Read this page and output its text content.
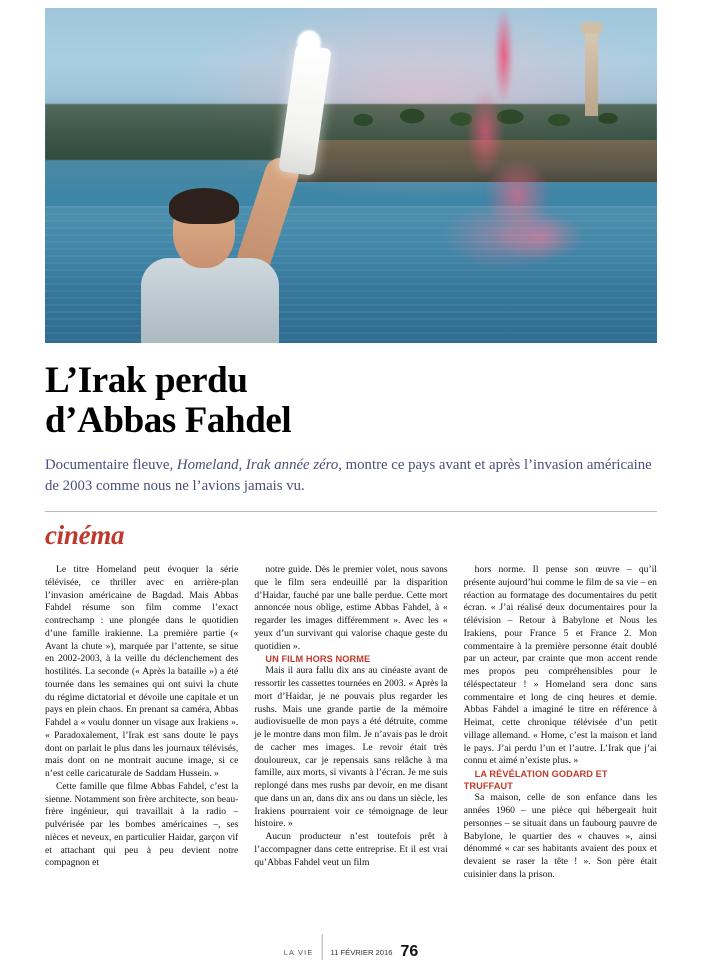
L’Irak perdu
d’Abbas Fahdel

Documentaire fleuve, Homeland, Irak année zéro, montre ce pays avant et après l’invasion américaine de 2003 comme nous ne l’avions jamais vu.

cinéma

Le titre Homeland peut évoquer la série télévisée, ce thriller avec en arrière-plan l’invasion américaine de Bagdad. Mais Abbas Fahdel résume son film comme l’exact contrechamp : une plongée dans le quotidien d’une famille irakienne. La première partie (« Avant la chute »), marquée par l’attente, se situe en 2002-2003, à la veille du déclenchement des hostilités. La seconde (« Après la bataille ») a été tournée dans les semaines qui ont suivi la chute du régime dictatorial et dévoile une capitale et un pays en plein chaos. En prenant sa caméra, Abbas Fahdel a « voulu donner un visage aux Irakiens ». « Paradoxalement, l’Irak est sans doute le pays dont on parlait le plus dans les journaux télévisés, mais dont on ne montrait aucune image, si ce n’est celle caricaturale de Saddam Hussein. »

Cette famille que filme Abbas Fahdel, c’est la sienne. Notamment son frère architecte, son beau-frère ingénieur, qui travaillait à la radio – pulvérisée par les bombes américaines –, ses nièces et neveux, en particulier Haidar, garçon vif et attachant qui peu à peu devient notre compagnon et

notre guide. Dès le premier volet, nous savons que le film sera endeuillé par la disparition d’Haidar, fauché par une balle perdue. Cette mort annoncée nous oblige, estime Abbas Fahdel, à « regarder les images différemment ». Avec les « yeux d’un survivant qui valorise chaque geste du quotidien ».

UN FILM HORS NORME

Mais il aura fallu dix ans au cinéaste avant de ressortir les cassettes tournées en 2003. « Après la mort d’Haidar, je ne pouvais plus regarder les rushs. Mais une grande partie de la mémoire audiovisuelle de mon pays a été détruite, comme je le montre dans mon film. Je n’avais pas le droit de cacher mes images. Le revoir était très douloureux, car je repensais sans relâche à ma famille, aux morts, si vivants à l’écran. Je me suis replongé dans mes rushs par devoir, en me disant que dans un an, dans dix ans ou dans un siècle, les Irakiens pourraient voir ce témoignage de leur histoire. »

Aucun producteur n’est toutefois prêt à l’accompagner dans cette entreprise. Et il est vrai qu’Abbas Fahdel veut un film

hors norme. Il pense son œuvre – qu’il présente aujourd’hui comme le film de sa vie – en réaction au formatage des documentaires du petit écran. « J’ai réalisé deux documentaires pour la télévision – Retour à Babylone et Nous les Irakiens, pour France 5 et France 2. Mon commentaire à la première personne était doublé par un acteur, par crainte que mon accent rende mes propos peu compréhensibles pour le téléspectateur ! » Homeland sera donc sans commentaire et long de cinq heures et demie. Abbas Fahdel a imaginé le titre en référence à Heimat, cette chronique télévisée d’un petit village allemand. « Home, c’est la maison et land le pays. J’ai perdu l’un et l’autre. L’Irak que j’ai connu et aimé n’existe plus. »

LA RÉVÉLATION GODARD ET TRUFFAUT

Sa maison, celle de son enfance dans les années 1960 – une pièce qui hébergeait huit personnes – se situait dans un faubourg pauvre de Babylone, le quartier des « chauves », ainsi dénommé « car ses habitants avaient des poux et devaient se raser la tête ! ». Son père était cuisinier dans la prison.

LA VIE 11 FÉVRIER 2016 76
